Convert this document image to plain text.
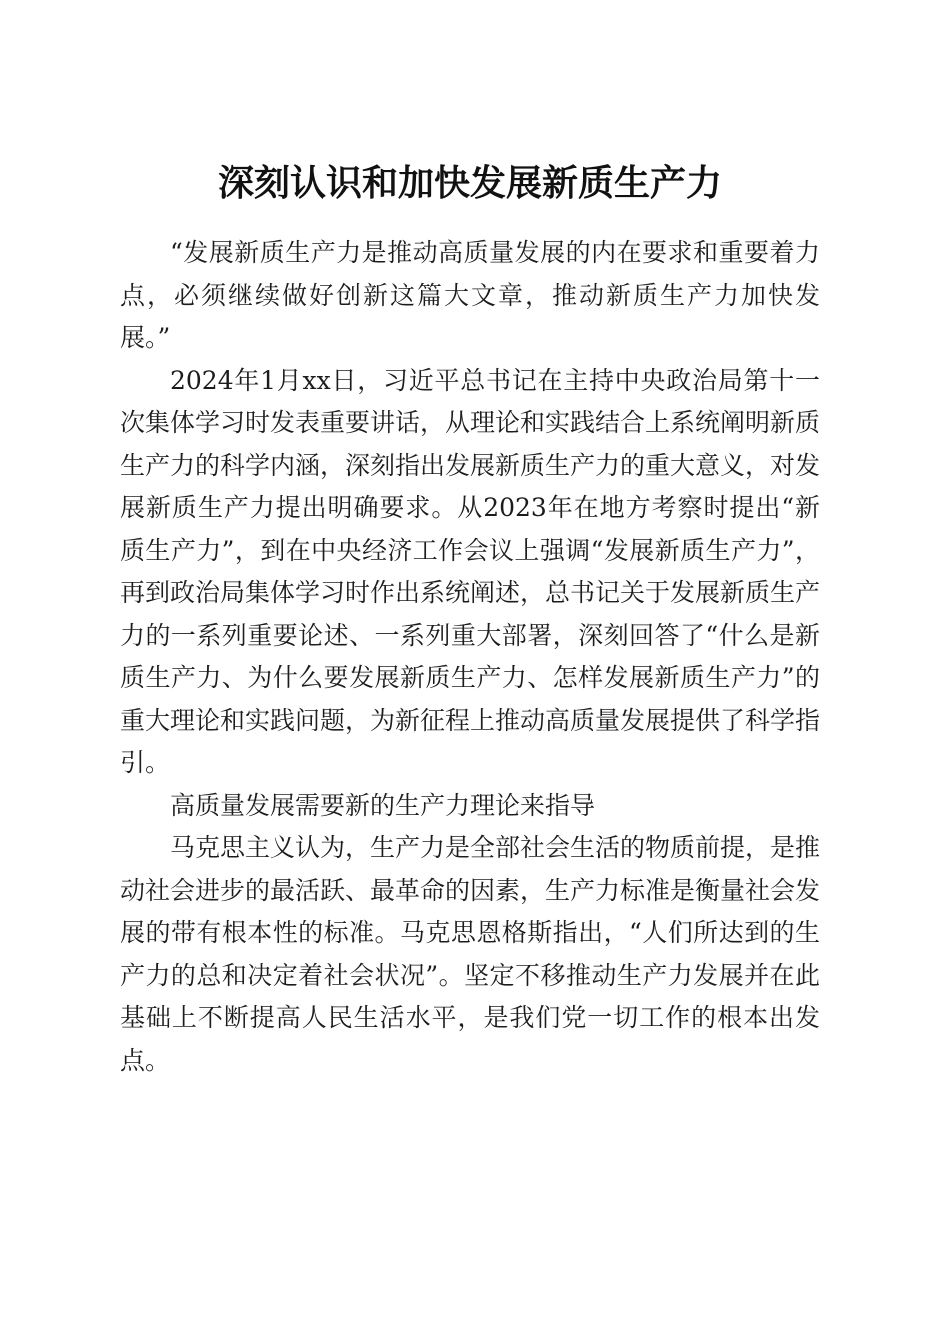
深刻认识和加快发展新质生产力

“发展新质生产力是推动高质量发展的内在要求和重要着力点，必须继续做好创新这篇大文章，推动新质生产力加快发展。”

2024年1月xx日，习近平总书记在主持中央政治局第十一次集体学习时发表重要讲话，从理论和实践结合上系统阐明新质生产力的科学内涵，深刻指出发展新质生产力的重大意义，对发展新质生产力提出明确要求。从2023年在地方考察时提出“新质生产力”，到在中央经济工作会议上强调“发展新质生产力”，再到政治局集体学习时作出系统阐述，总书记关于发展新质生产力的一系列重要论述、一系列重大部署，深刻回答了“什么是新质生产力、为什么要发展新质生产力、怎样发展新质生产力”的重大理论和实践问题，为新征程上推动高质量发展提供了科学指引。

高质量发展需要新的生产力理论来指导

马克思主义认为，生产力是全部社会生活的物质前提，是推动社会进步的最活跃、最革命的因素，生产力标准是衡量社会发展的带有根本性的标准。马克思恩格斯指出，“人们所达到的生产力的总和决定着社会状况”。坚定不移推动生产力发展并在此基础上不断提高人民生活水平，是我们党一切工作的根本出发点。
